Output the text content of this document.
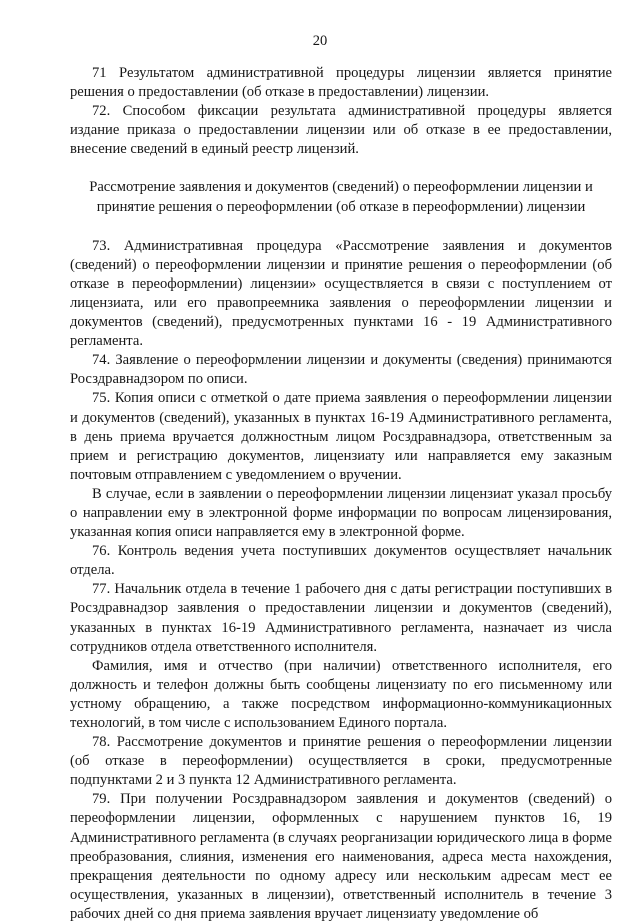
20

71 Результатом административной процедуры лицензии является принятие решения о предоставлении (об отказе в предоставлении) лицензии.

72. Способом фиксации результата административной процедуры является издание приказа о предоставлении лицензии или об отказе в ее предоставлении, внесение сведений в единый реестр лицензий.

Рассмотрение заявления и документов (сведений) о переоформлении лицензии и принятие решения о переоформлении (об отказе в переоформлении) лицензии

73. Административная процедура «Рассмотрение заявления и документов (сведений) о переоформлении лицензии и принятие решения о переоформлении (об отказе в переоформлении) лицензии» осуществляется в связи с поступлением от лицензиата, или его правопреемника заявления о переоформлении лицензии и документов (сведений), предусмотренных пунктами 16 - 19 Административного регламента.

74. Заявление о переоформлении лицензии и документы (сведения) принимаются Росздравнадзором по описи.

75. Копия описи с отметкой о дате приема заявления о переоформлении лицензии и документов (сведений), указанных в пунктах 16-19 Административного регламента, в день приема вручается должностным лицом Росздравнадзора, ответственным за прием и регистрацию документов, лицензиату или направляется ему заказным почтовым отправлением с уведомлением о вручении.

В случае, если в заявлении о переоформлении лицензии лицензиат указал просьбу о направлении ему в электронной форме информации по вопросам лицензирования, указанная копия описи направляется ему в электронной форме.

76. Контроль ведения учета поступивших документов осуществляет начальник отдела.

77. Начальник отдела в течение 1 рабочего дня с даты регистрации поступивших в Росздравнадзор заявления о предоставлении лицензии и документов (сведений), указанных в пунктах 16-19 Административного регламента, назначает из числа сотрудников отдела ответственного исполнителя.

Фамилия, имя и отчество (при наличии) ответственного исполнителя, его должность и телефон должны быть сообщены лицензиату по его письменному или устному обращению, а также посредством информационно-коммуникационных технологий, в том числе с использованием Единого портала.

78. Рассмотрение документов и принятие решения о переоформлении лицензии (об отказе в переоформлении) осуществляется в сроки, предусмотренные подпунктами 2 и 3 пункта 12 Административного регламента.

79. При получении Росздравнадзором заявления и документов (сведений) о переоформлении лицензии, оформленных с нарушением пунктов 16, 19 Административного регламента (в случаях реорганизации юридического лица в форме преобразования, слияния, изменения его наименования, адреса места нахождения, прекращения деятельности по одному адресу или нескольким адресам мест ее осуществления, указанных в лицензии), ответственный исполнитель в течение 3 рабочих дней со дня приема заявления вручает лицензиату уведомление об
